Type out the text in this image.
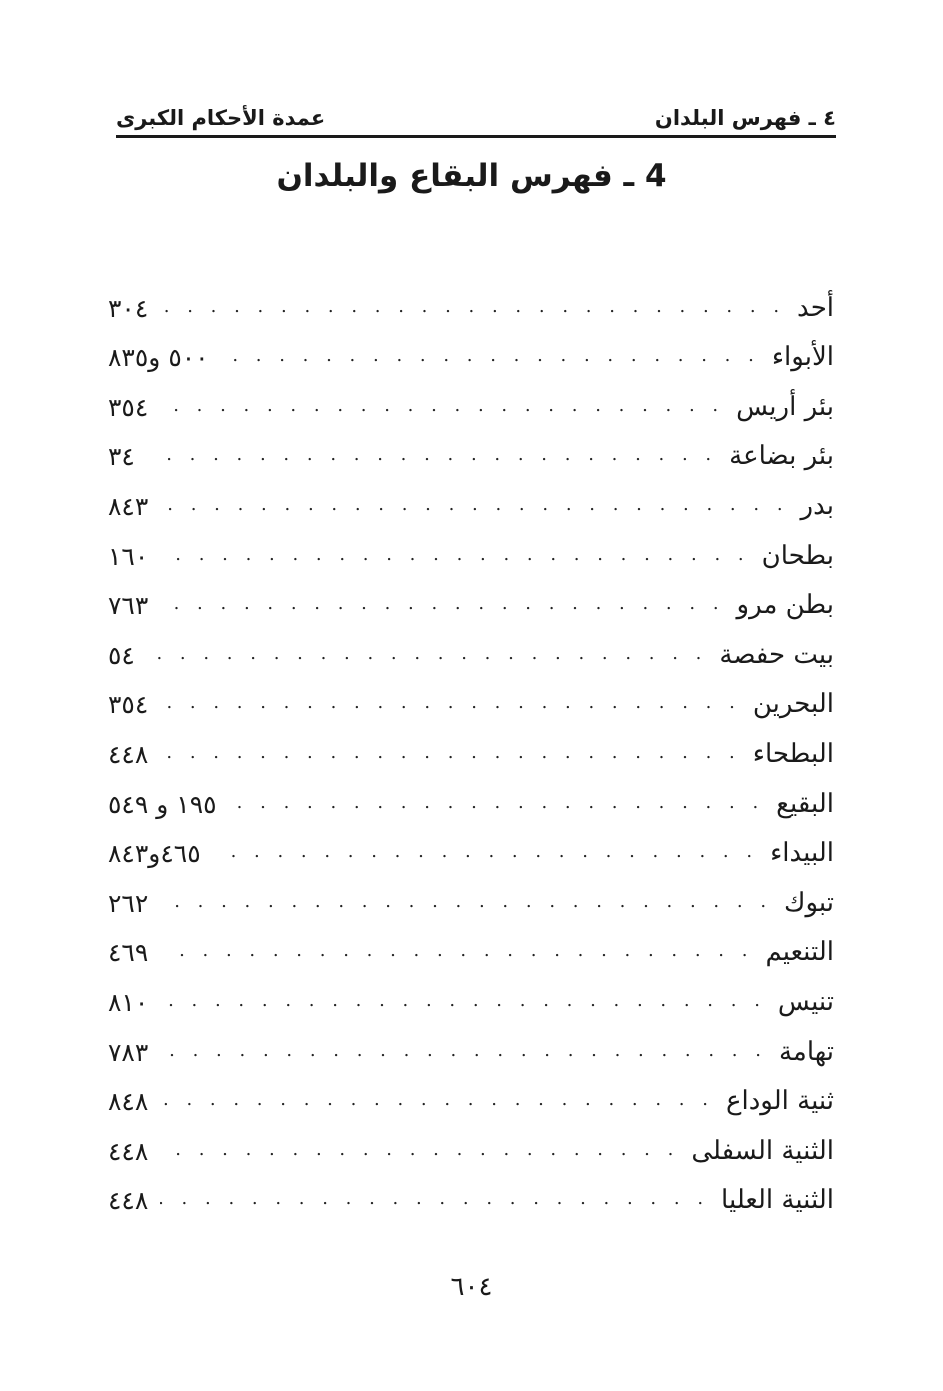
٤ ـ فهرس البلدان
عمدة الأحكام الكبرى
4 ـ فهرس البقاع والبلدان
أحد
. . .
٣٠٤
الأبواء
. . .
٥٠٠ و٨٣٥
بئر أريس
. . .
٣٥٤
بئر بضاعة
. . .
٣٤
بدر
. . .
٨٤٣
بطحان
. . .
١٦٠
بطن مرو
. . .
٧٦٣
بيت حفصة
. . .
٥٤
البحرين
. . .
٣٥٤
البطحاء
. . .
٤٤٨
البقيع
. . .
١٩٥ و ٥٤٩
البيداء
. . .
٤٦٥و٨٤٣
تبوك
. . .
٢٦٢
التنعيم
. . .
٤٦٩
تنيس
. . .
٨١٠
تهامة
. . .
٧٨٣
ثنية الوداع
. . .
٨٤٨
الثنية السفلى
. . .
٤٤٨
الثنية العليا
. . .
٤٤٨
٦٠٤
